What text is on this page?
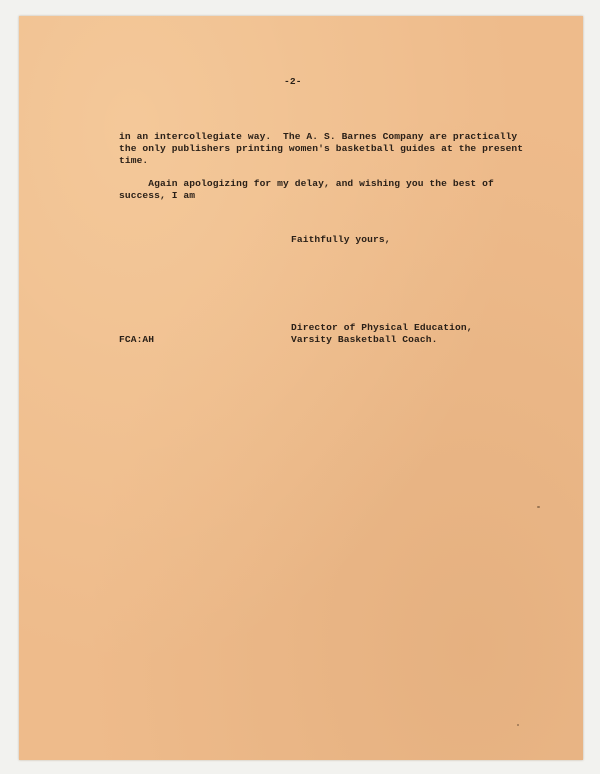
-2-
in an intercollegiate way.  The A. S. Barnes Company are practically
the only publishers printing women's basketball guides at the present
time.
Again apologizing for my delay, and wishing you the best of
success, I am
Faithfully yours,
Director of Physical Education,
FCA:AH	Varsity Basketball Coach.
